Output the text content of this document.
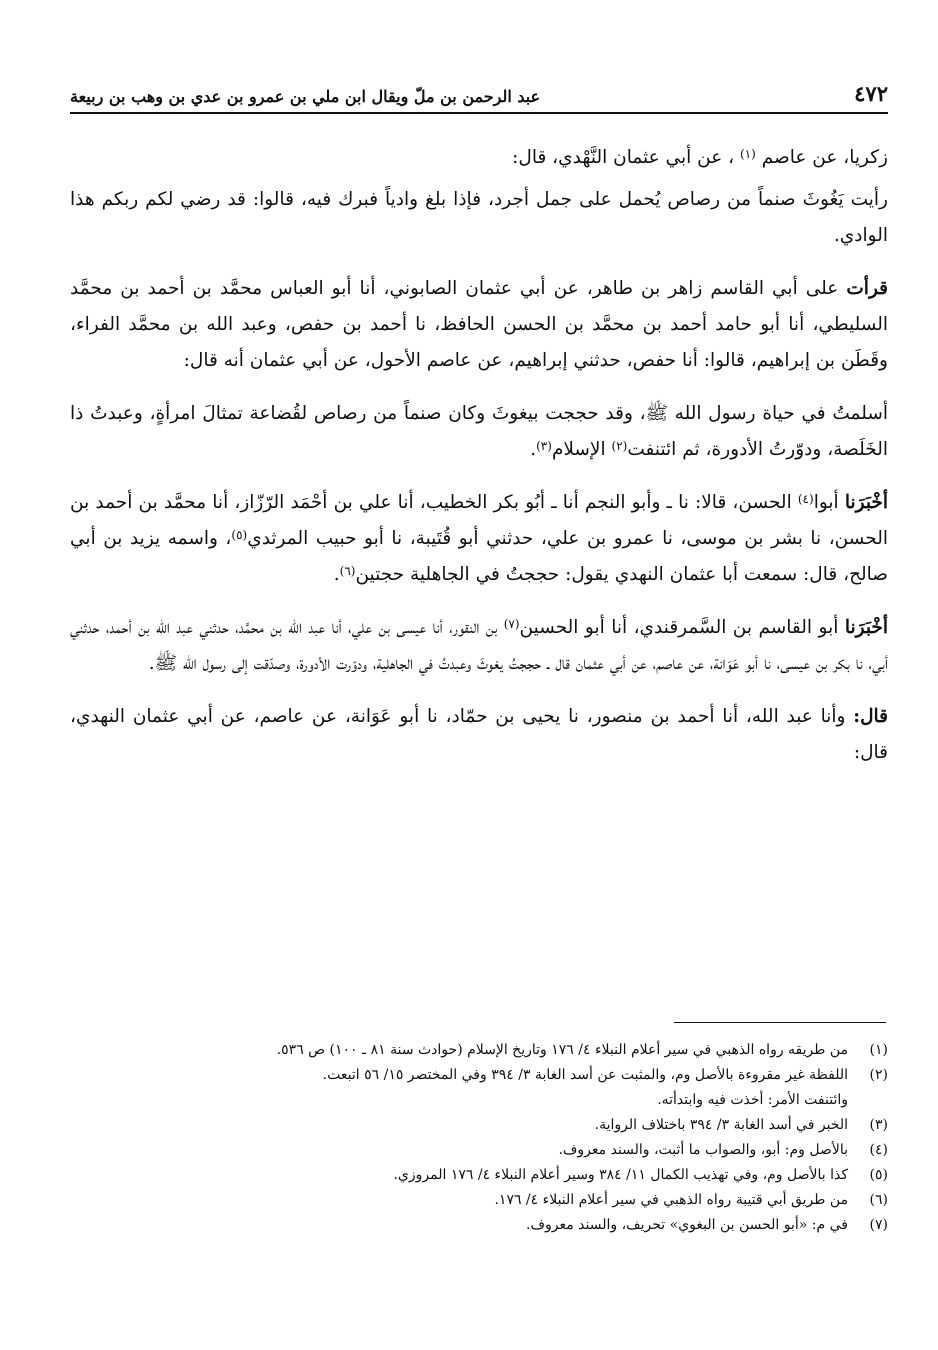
٤٧٢
عبد الرحمن بن ملّ ويقال ابن ملي بن عمرو بن عدي بن وهب بن ربيعة

زكريا، عن عاصم $^{(١)}$ ، عن أبي عثمان النَّهْدي، قال:

رأيت يَغُوثَ صنماً من رصاص يُحمل على جمل أجرد، فإذا بلغ وادياً فبرك فيه، قالوا: قد رضي لكم ربكم هذا الوادي.

قرأت على أبي القاسم زاهر بن طاهر، عن أبي عثمان الصابوني، أنا أبو العباس محمَّد بن أحمد بن محمَّد السليطي، أنا أبو حامد أحمد بن محمَّد بن الحسن الحافظ، نا أحمد بن حفص، وعبد الله بن محمَّد الفراء، وقَطَن بن إبراهيم، قالوا: أنا حفص، حدثني إبراهيم، عن عاصم الأحول، عن أبي عثمان أنه قال:

أسلمتُ في حياة رسول الله ﷺ، وقد حججت بيغوثَ وكان صنماً من رصاص لقُضاعة تمثالَ امرأةٍ، وعبدتُ ذا الخَلَصة، ودوّرتُ الأدورة، ثم ائتنفت$^{(٢)}$ الإسلام$^{(٣)}$.

أخْبَرَنا أبوا$^{(٤)}$ الحسن، قالا: نا ـ وأبو النجم أنا ـ أبُو بكر الخطيب، أنا علي بن أحْمَد الرّزّاز، أنا محمَّد بن أحمد بن الحسن، نا بشر بن موسى، نا عمرو بن علي، حدثني أبو قُتَيبة، نا أبو حبيب المرثدي$^{(٥)}$، واسمه يزيد بن أبي صالح، قال: سمعت أبا عثمان النهدي يقول: حججتُ في الجاهلية حجتين$^{(٦)}$.

أخْبَرَنا أبو القاسم بن السَّمرقندي، أنا أبو الحسين$^{(٧)}$ بن النقور، أنا عيسى بن علي، أنا عبد الله بن محمَّد، حدثني عبد الله بن أحمد، حدثني أبي، نا بكر بن عيسى، نا أبو عَوَانة، عن عاصم، عن أبي عثمان قال ـ حججتُ يغوثَ وعبدتُ في الجاهلية، ودوّرت الأدورة، وصدّقت إلى رسول الله ﷺ.

قال: وأنا عبد الله، أنا أحمد بن منصور، نا يحيى بن حمّاد، نا أبو عَوَانة، عن عاصم، عن أبي عثمان النهدي، قال:

(١)
من طريقه رواه الذهبي في سير أعلام النبلاء ٤/ ١٧٦ وتاريخ الإسلام (حوادث سنة ٨١ ـ ١٠٠) ص ٥٣٦.
(٢)
اللفظة غير مقروءة بالأصل وم، والمثبت عن أسد الغابة ٣/ ٣٩٤ وفي المختصر ١٥/ ٥٦ اتبعت.
وائتنفت الأمر: أخذت فيه وابتدأته.
(٣)
الخبر في أسد الغابة ٣/ ٣٩٤ باختلاف الرواية.
(٤)
بالأصل وم: أبو، والصواب ما أثبت، والسند معروف.
(٥)
كذا بالأصل وم، وفي تهذيب الكمال ١١/ ٣٨٤ وسير أعلام النبلاء ٤/ ١٧٦ المروزي.
(٦)
من طريق أبي قتيبة رواه الذهبي في سير أعلام النبلاء ٤/ ١٧٦.
(٧)
في م: «أبو الحسن بن البغوي» تحريف، والسند معروف.
